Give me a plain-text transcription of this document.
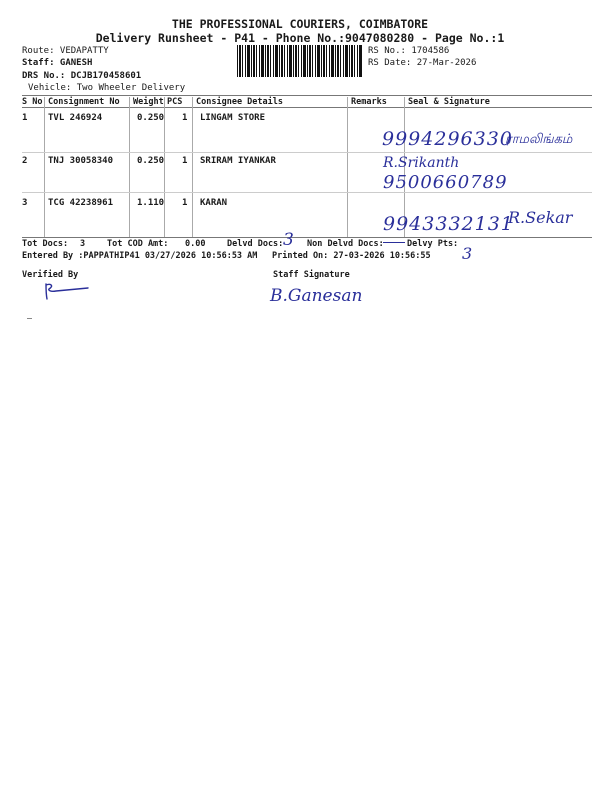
THE PROFESSIONAL COURIERS, COIMBATORE
Delivery Runsheet - P41 - Phone No.:9047080280 - Page No.:1
Route: VEDAPATTY
Staff: GANESH
DRS No.: DCJB170458601
Vehicle: Two Wheeler Delivery
RS No.: 1704586
RS Date: 27-Mar-2026
S No Consignment No Weight PCS Consignee Details	Remarks Seal & Signature
1 TVL 246924	0.250 1 LINGAM STORE
2 TNJ 30058340	0.250 1 SRIRAM IYANKAR
3 TCG 42238961	1.110 1 KARAN
9994296330
ராமலிங்கம்
R.Srikanth
9500660789
9943332131
R.Sekar
Tot Docs: 3	Tot COD Amt: 0.00	Delvd Docs: 3 Non Delvd Docs:	Delvy Pts: 3
Entered By :PAPPATHIP41 03/27/2026 10:56:53 AM Printed On: 27-03-2026 10:56:55
Verified By	Staff Signature
B.Ganesan
